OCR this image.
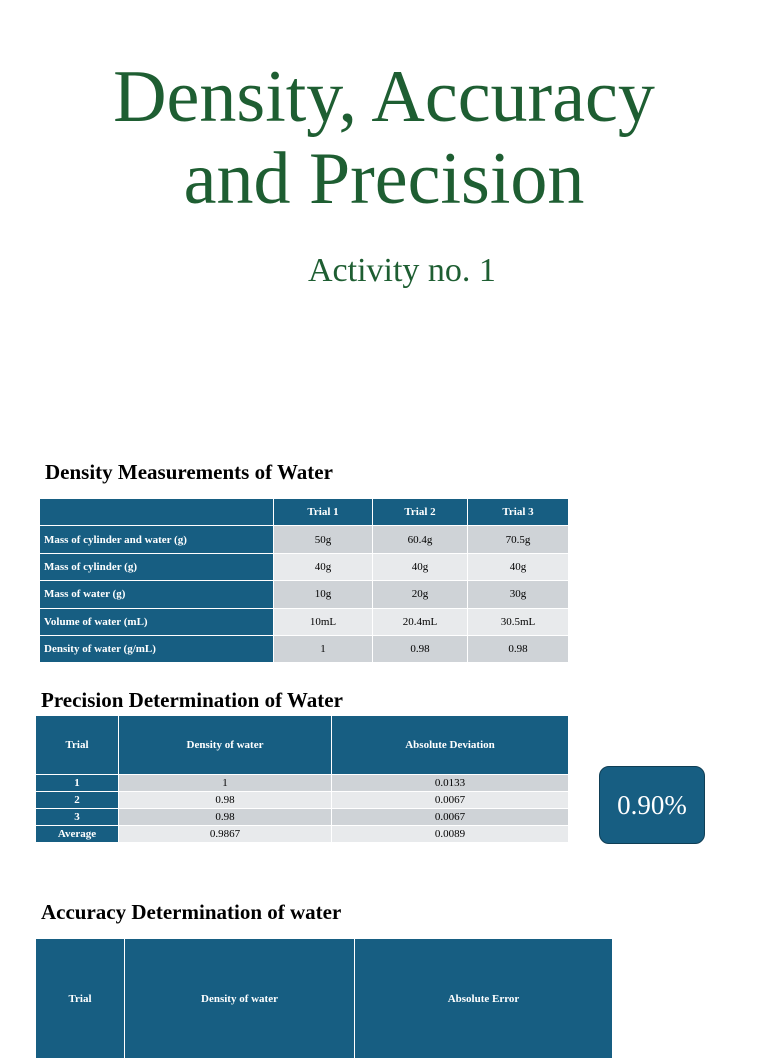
Density, Accuracy
and Precision
Activity no. 1
Density Measurements of Water
	Trial 1	Trial 2	Trial 3
Mass of cylinder and water (g)	50g	60.4g	70.5g
Mass of cylinder (g)	40g	40g	40g
Mass of water (g)	10g	20g	30g
Volume of water (mL)	10mL	20.4mL	30.5mL
Density of water (g/mL)	1	0.98	0.98
Precision Determination of Water
Trial	Density of water	Absolute Deviation
1	1	0.0133
2	0.98	0.0067
3	0.98	0.0067
Average	0.9867	0.0089
0.90%
Accuracy Determination of water
Trial	Density of water	Absolute Error
